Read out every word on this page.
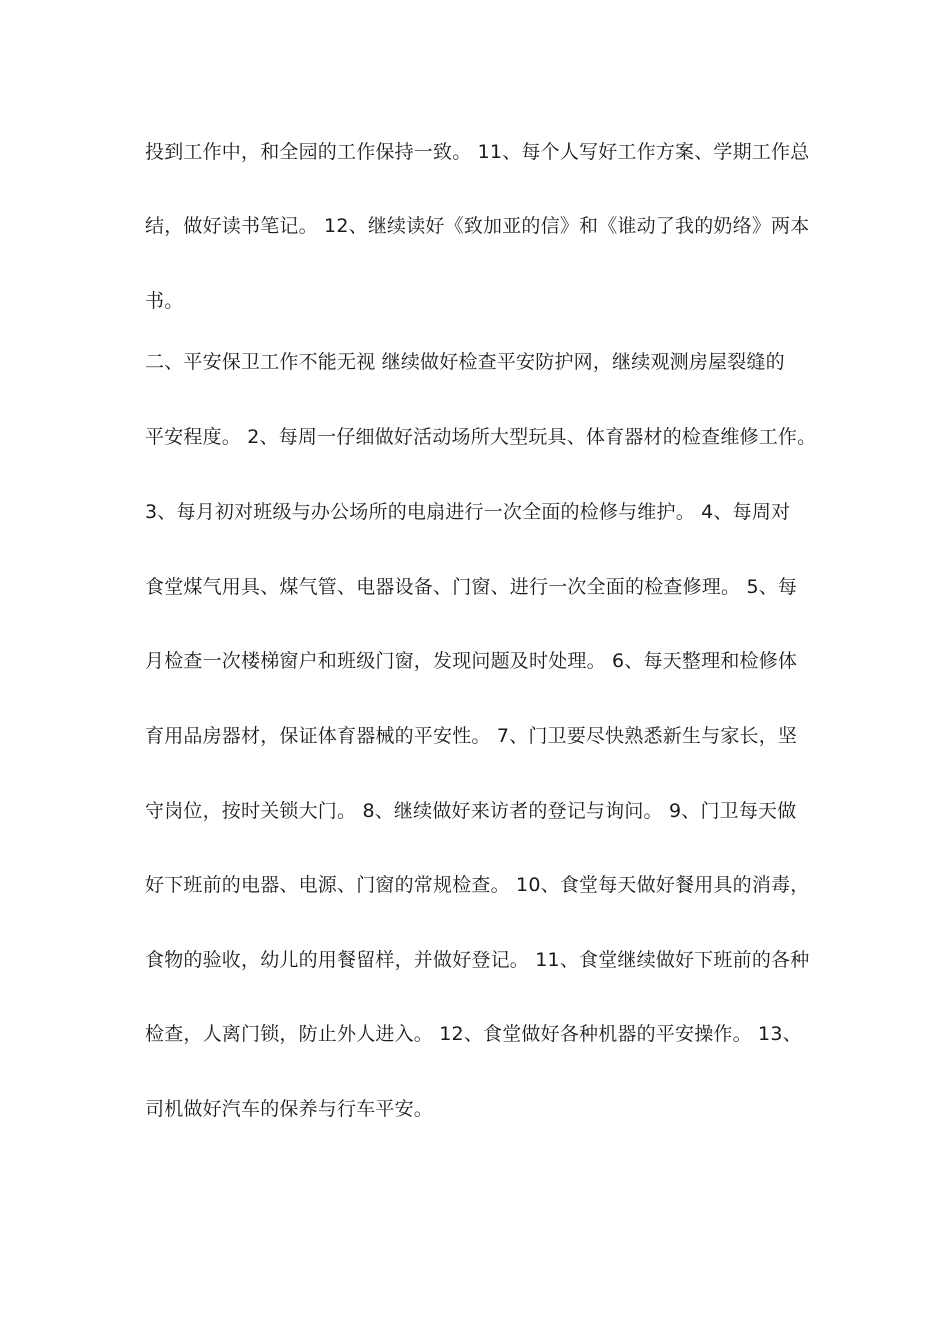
投到工作中，和全园的工作保持一致。 11、每个人写好工作方案、学期工作总
结，做好读书笔记。 12、继续读好《致加亚的信》和《谁动了我的奶络》两本
书。
二、平安保卫工作不能无视 继续做好检查平安防护网，继续观测房屋裂缝的
平安程度。 2、每周一仔细做好活动场所大型玩具、体育器材的检查维修工作。
3、每月初对班级与办公场所的电扇进行一次全面的检修与维护。 4、每周对
食堂煤气用具、煤气管、电器设备、门窗、进行一次全面的检查修理。 5、每
月检查一次楼梯窗户和班级门窗，发现问题及时处理。 6、每天整理和检修体
育用品房器材，保证体育器械的平安性。 7、门卫要尽快熟悉新生与家长，坚
守岗位，按时关锁大门。 8、继续做好来访者的登记与询问。 9、门卫每天做
好下班前的电器、电源、门窗的常规检查。 10、食堂每天做好餐用具的消毒，
食物的验收，幼儿的用餐留样，并做好登记。 11、食堂继续做好下班前的各种
检查，人离门锁，防止外人进入。 12、食堂做好各种机器的平安操作。 13、
司机做好汽车的保养与行车平安。
